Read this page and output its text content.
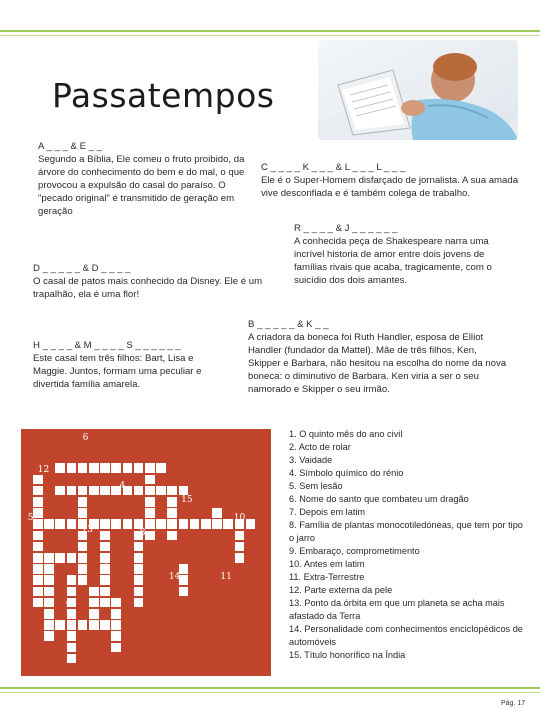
Passatempos
A _ _ _ & E _ _
Segundo a Bíblia, Ele comeu o fruto proibido, da árvore do conhecimento do bem e do mal, o que provocou a expulsão do casal do paraíso. O "pecado original" é transmitido de geração em geração
C _ _ _ _ K _ _ _ & L _ _ _ L _ _ _
Ele é o Super-Homem disfarçado de jornalista. A sua amada vive desconfiada e é também colega de trabalho.
R _ _ _ _ & J _ _ _ _ _ _
A conhecida peça de Shakespeare narra uma incrível historia de amor entre dois jovens de famílias rivais que acaba, tragicamente, com o suicídio dos dois amantes.
D _ _ _ _ _ & D _ _ _ _
O casal de patos mais conhecido da Disney. Ele é um trapalhão, ela é uma flor!
B _ _ _ _ _ & K _ _
A criadora da boneca foi Ruth Handler, esposa de Elliot Handler (fundador da Mattel). Mãe de três filhos, Ken, Skipper e Barbara, não hesitou na escolha do nome da nova boneca: o diminutivo de Barbara. Ken viria a ser o seu namorado e Skipper o seu irmão.
H _ _ _ _ & M _ _ _ _ S _ _ _ _ _ _
Este casal tem três filhos: Bart, Lisa e Maggie. Juntos, formam uma peculiar e divertida família amarela.
6
12	3
4
15
5	10
13	8
7
14	11
9
1. O quinto mês do ano civil
2. Acto de rolar
3. Vaidade
4. Símbolo químico do rénio
5. Sem lesão
6. Nome do santo que combateu um dragão
7. Depois em latim
8. Família de plantas monocotiledóneas, que tem por tipo o jarro
9. Embaraço, comprometimento
10. Antes em latim
11. Extra-Terrestre
12. Parte externa da pele
13. Ponto da órbita em que um planeta se acha mais afastado da Terra
14. Personalidade com conhecimentos enciclopédicos de automóveis
15. Título honorífico na Índia
Pág. 17
